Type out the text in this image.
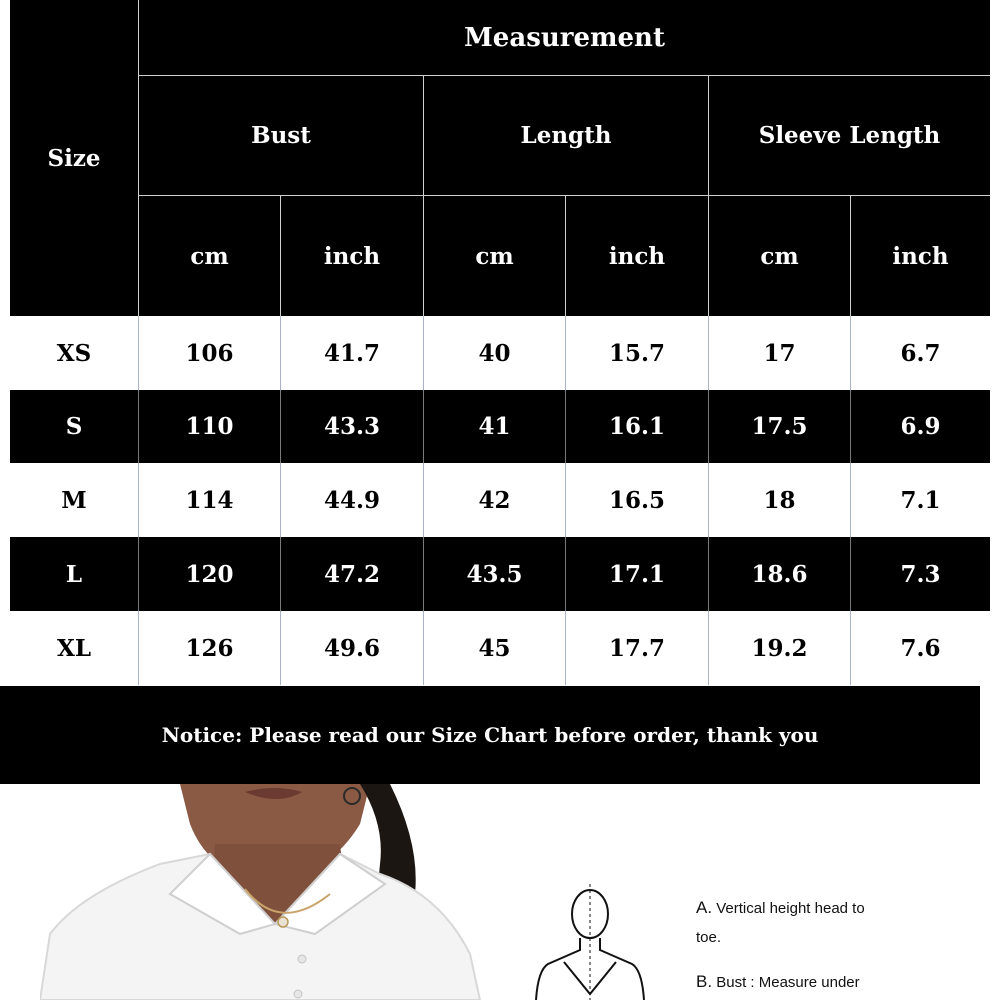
Size
Measurement
Bust	Length	Sleeve Length
cm	inch	cm	inch	cm	inch
XS	106	41.7	40	15.7	17	6.7
S	110	43.3	41	16.1	17.5	6.9
M	114	44.9	42	16.5	18	7.1
L	120	47.2	43.5	17.1	18.6	7.3
XL	126	49.6	45	17.7	19.2	7.6
Notice: Please read our Size Chart before order, thank you
A. Vertical height head to
toe.
B. Bust : Measure under
